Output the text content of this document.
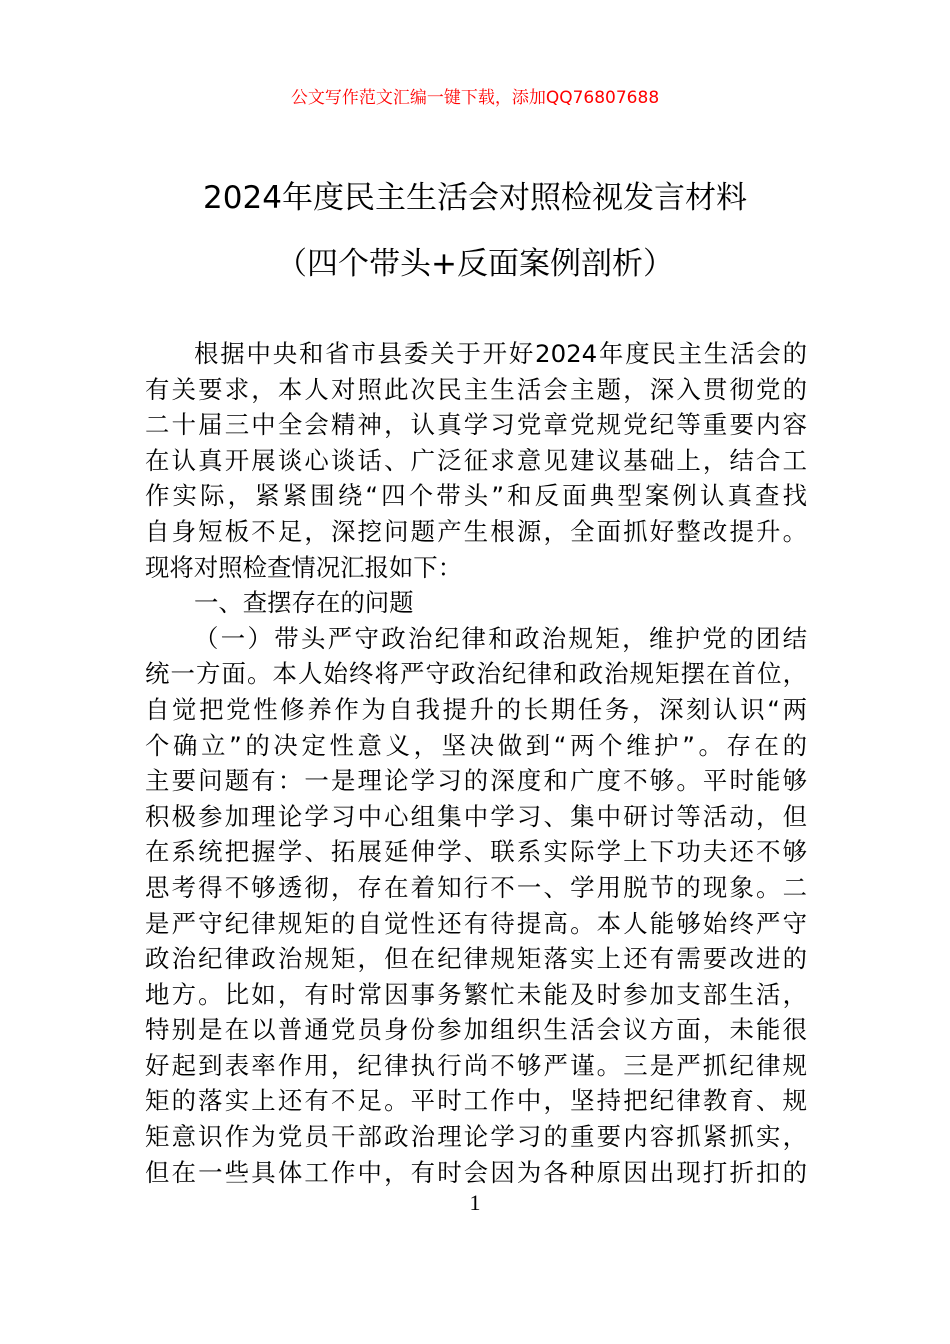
公文写作范文汇编一键下载，添加QQ76807688
2024年度民主生活会对照检视发言材料
（四个带头+反面案例剖析）
根据中央和省市县委关于开好2024年度民主生活会的
有关要求，本人对照此次民主生活会主题，深入贯彻党的
二十届三中全会精神，认真学习党章党规党纪等重要内容
在认真开展谈心谈话、广泛征求意见建议基础上，结合工
作实际，紧紧围绕“四个带头”和反面典型案例认真查找
自身短板不足，深挖问题产生根源，全面抓好整改提升。
现将对照检查情况汇报如下：
一、查摆存在的问题
（一）带头严守政治纪律和政治规矩，维护党的团结
统一方面。本人始终将严守政治纪律和政治规矩摆在首位，
自觉把党性修养作为自我提升的长期任务，深刻认识“两
个确立”的决定性意义，坚决做到“两个维护”。存在的
主要问题有：一是理论学习的深度和广度不够。平时能够
积极参加理论学习中心组集中学习、集中研讨等活动，但
在系统把握学、拓展延伸学、联系实际学上下功夫还不够
思考得不够透彻，存在着知行不一、学用脱节的现象。二
是严守纪律规矩的自觉性还有待提高。本人能够始终严守
政治纪律政治规矩，但在纪律规矩落实上还有需要改进的
地方。比如，有时常因事务繁忙未能及时参加支部生活，
特别是在以普通党员身份参加组织生活会议方面，未能很
好起到表率作用，纪律执行尚不够严谨。三是严抓纪律规
矩的落实上还有不足。平时工作中，坚持把纪律教育、规
矩意识作为党员干部政治理论学习的重要内容抓紧抓实，
但在一些具体工作中，有时会因为各种原因出现打折扣的
1
